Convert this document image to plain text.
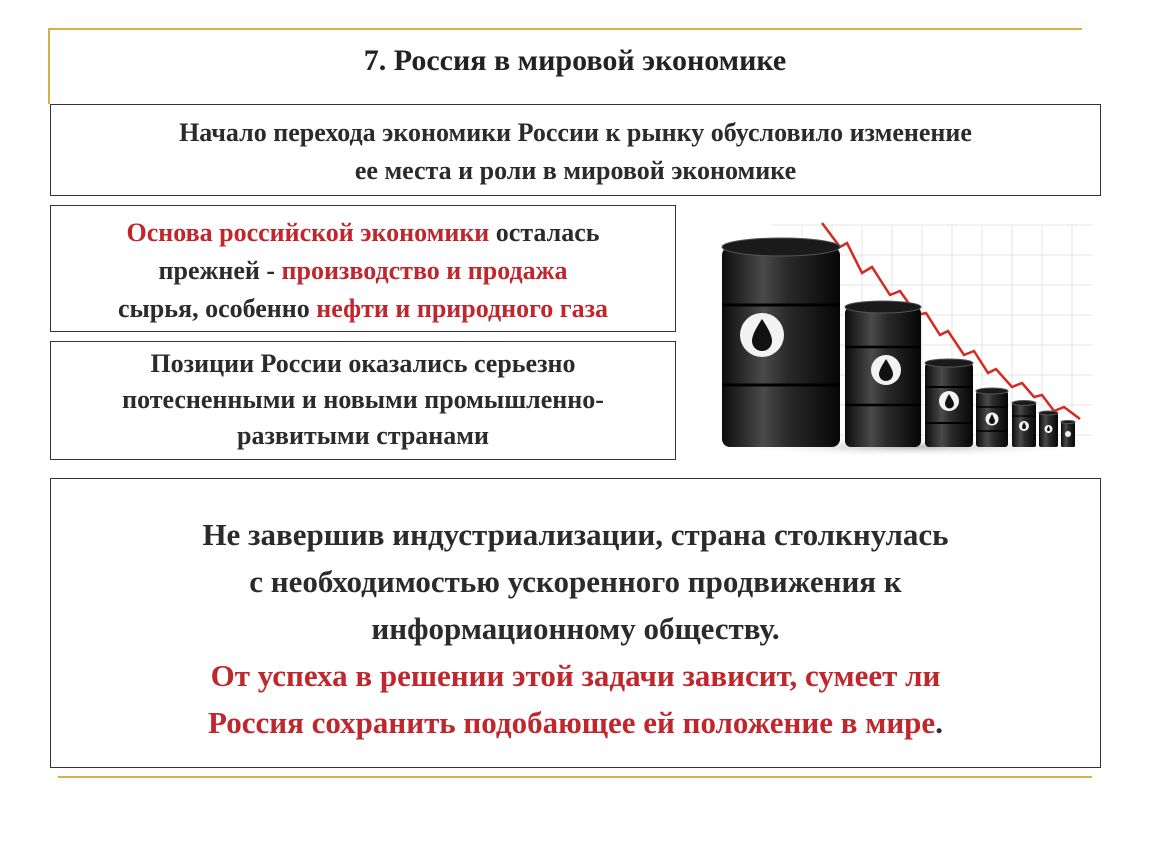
7. Россия в мировой экономике
Начало перехода экономики России к рынку обусловило изменение
ее места и роли в мировой экономике
Основа российской экономики осталась
прежней - производство и продажа
сырья, особенно нефти и природного газа
Позиции России оказались серьезно
потесненными и новыми промышленно-
развитыми странами
Не завершив индустриализации, страна столкнулась
с необходимостью ускоренного продвижения к
информационному обществу.
От успеха в решении этой задачи зависит, сумеет ли
Россия сохранить подобающее ей положение в мире.
